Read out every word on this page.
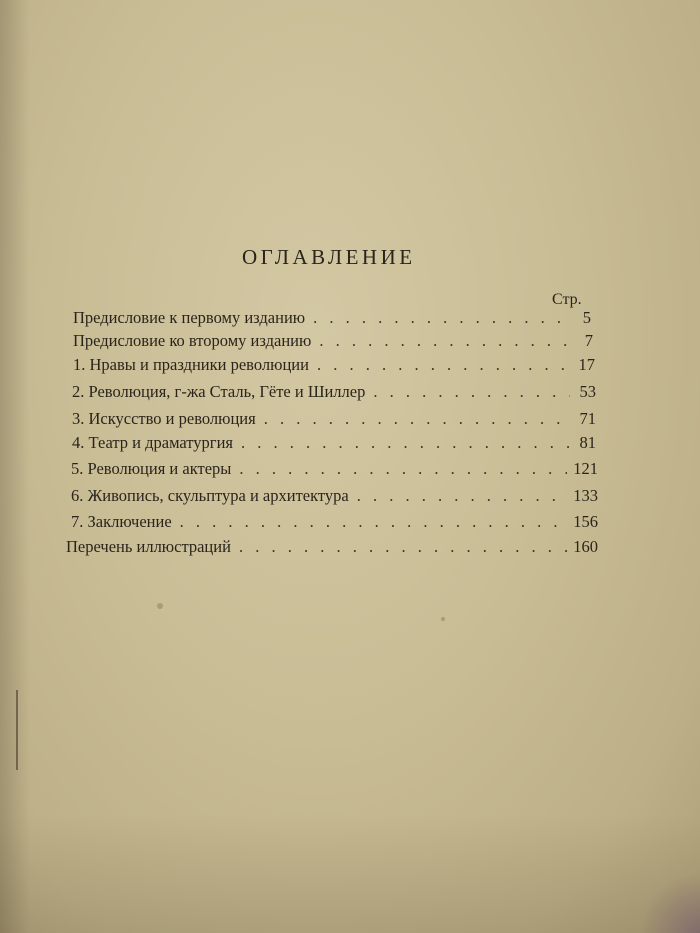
ОГЛАВЛЕНИЕ
Стр.
Предисловие к первому изданию . . .	5
Предисловие ко второму изданию . . .	7
1. Нравы и праздники революции . . .	17
2. Революция, г-жа Сталь, Гёте и Шиллер . . .	53
3. Искусство и революция . . .	71
4. Театр и драматургия . . .	81
5. Революция и актеры . . .	121
6. Живопись, скульптура и архитектура . . .	133
7. Заключение . . .	156
Перечень иллюстраций . . .	160
